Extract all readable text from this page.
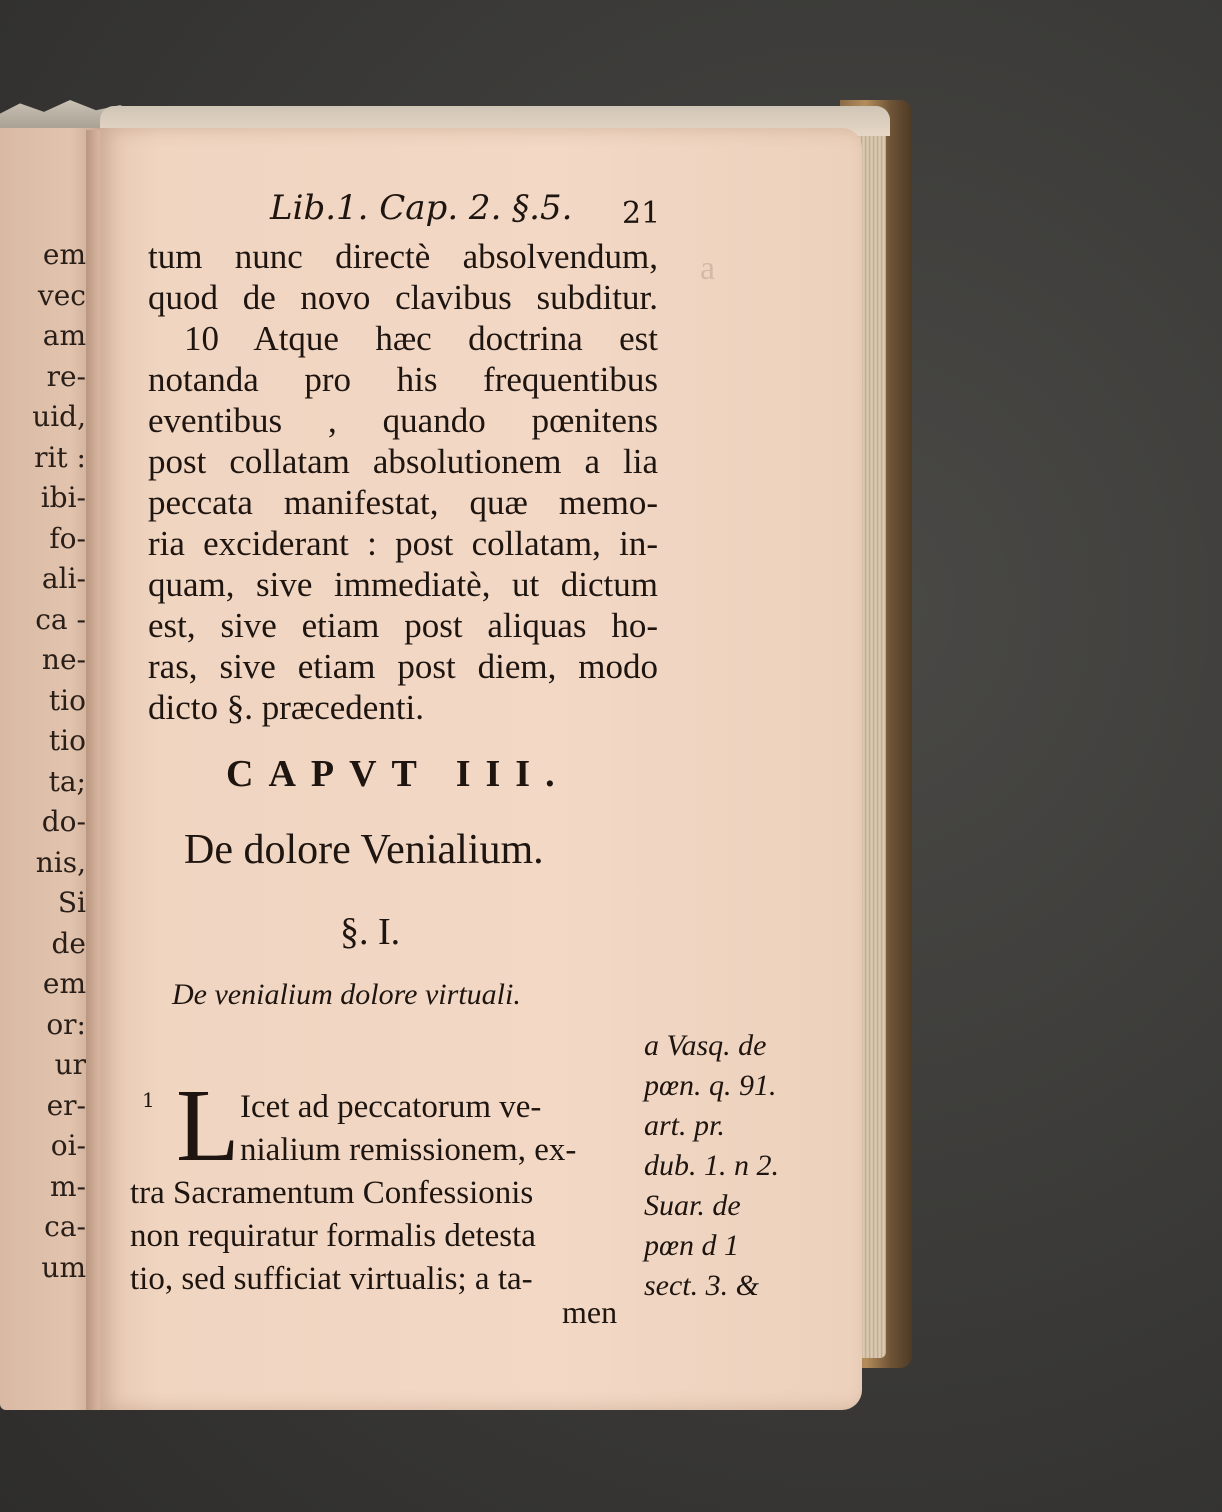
em
vec
am
re-
uid,
rit :
ibi-
fo-
ali-
ca -
ne-
tio
tio
ta;
do-
nis,
Si
de
em
or:
ur
er-
oi-
m-
ca-
um
a

Lib.1. Cap. 2. §.5. 21
tum nunc directè absolvendum,
quod de novo clavibus subditur.
10 Atque hæc doctrina est
notanda pro his frequentibus
eventibus , quando pœnitens
post collatam absolutionem a lia
peccata manifestat, quæ memo-
ria exciderant : post collatam, in-
quam, sive immediatè, ut dictum
est, sive etiam post aliquas ho-
ras, sive etiam post diem, modo
dicto §. præcedenti.
CAPVT III.
De dolore Venialium.
§. I.
De venialium dolore virtuali.
1 L Icet ad peccatorum ve-
nialium remissionem, ex-
tra Sacramentum Confessionis
non requiratur formalis detesta
tio, sed sufficiat virtualis; a ta-
men
a Vasq. de
pœn. q. 91.
art. pr.
dub. 1. n 2.
Suar. de
pœn d 1
sect. 3. &
